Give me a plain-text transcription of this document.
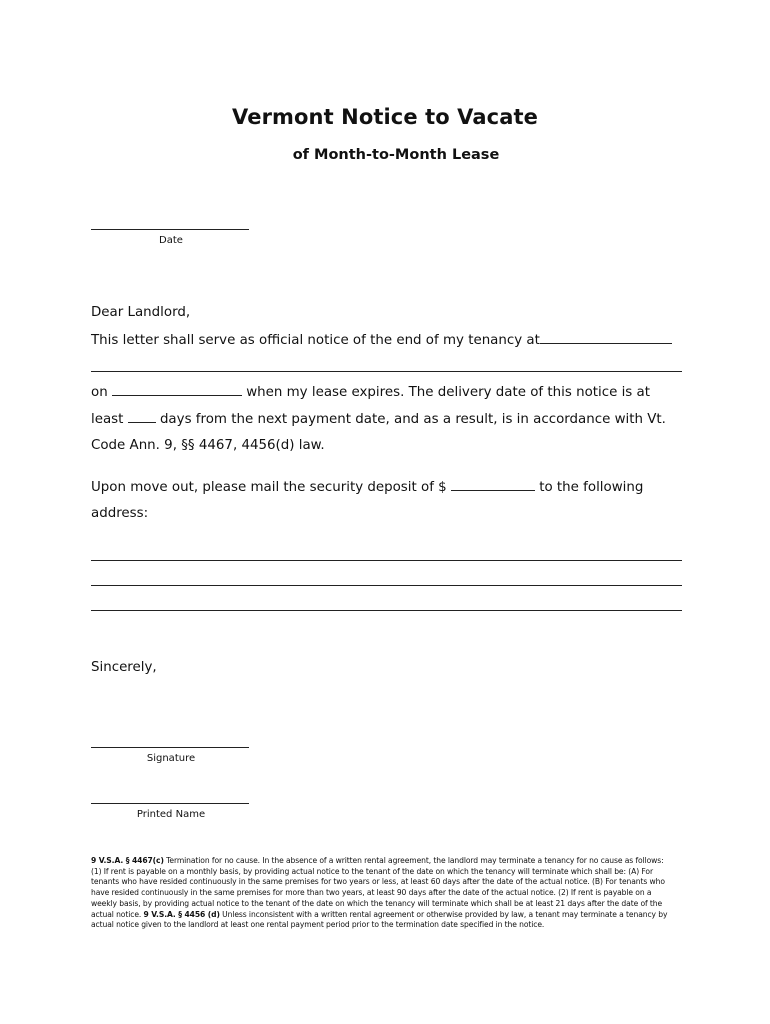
Vermont Notice to Vacate
of Month-to-Month Lease
Date
Dear Landlord,
This letter shall serve as official notice of the end of my tenancy at
on	when my lease expires. The delivery date of this notice is at
least	days from the next payment date, and as a result, is in accordance with Vt.
Code Ann. 9, §§ 4467, 4456(d) law.
Upon move out, please mail the security deposit of $	to the following
address:
Sincerely,
Signature
Printed Name
9 V.S.A. § 4467(c) Termination for no cause. In the absence of a written rental agreement, the landlord may terminate a tenancy for no cause as follows: (1) If rent is payable on a monthly basis, by providing actual notice to the tenant of the date on which the tenancy will terminate which shall be: (A) For tenants who have resided continuously in the same premises for two years or less, at least 60 days after the date of the actual notice. (B) For tenants who have resided continuously in the same premises for more than two years, at least 90 days after the date of the actual notice. (2) If rent is payable on a weekly basis, by providing actual notice to the tenant of the date on which the tenancy will terminate which shall be at least 21 days after the date of the actual notice. 9 V.S.A. § 4456 (d) Unless inconsistent with a written rental agreement or otherwise provided by law, a tenant may terminate a tenancy by actual notice given to the landlord at least one rental payment period prior to the termination date specified in the notice.
